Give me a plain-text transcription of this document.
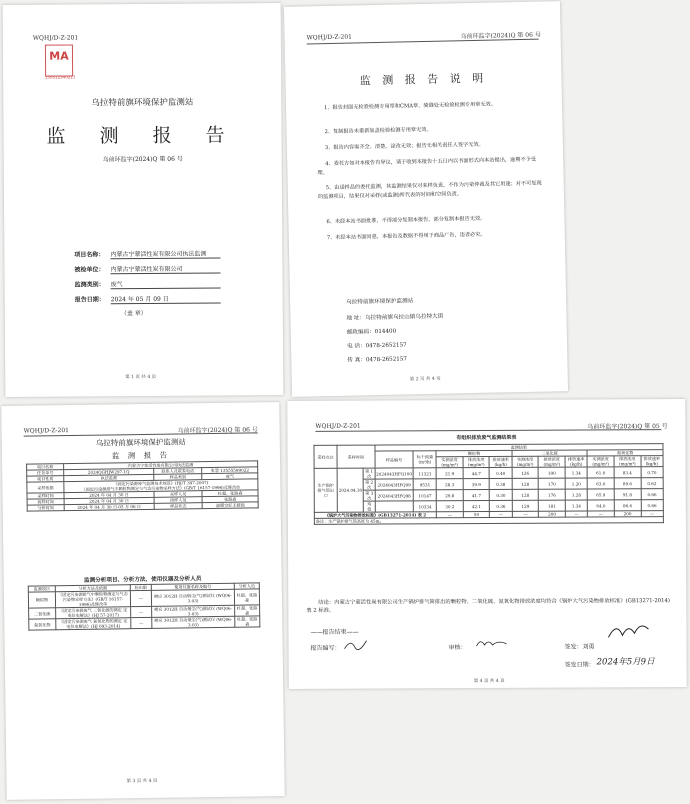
WQHJ/D-Z-201
MA
150512340213
乌拉特前旗环境保护监测站
监 测 报 告
乌前环监字(2024)Q 第 06 号
项目名称： 内蒙古宁蒙活性炭有限公司执法监测
被检单位： 内蒙古宁蒙活性炭有限公司
监测类别： 废气
报告日期： 2024 年 05 月 09 日
（盖 章）
第 1 页 共 4 页
WQHJ/D-Z-201	乌前环监字(2024)Q 第 06 号
监 测 报 告 说 明
1、报告封面无检验检测专用章和CMA章、骑缝处无检验检测专用章无效。
2、复制报告未重新加盖检验检测专用章无效。
3、报告内容需齐全、清楚，涂改无效；报告无相关责任人签字无效。
4、委托方如对本报告有异议，请于收到本报告十五日内以书面形式向本站提出，逾期不予受理。
5、由送样品的委托监测，其监测结果仅对来样负责，不作为污染仲裁及其它用途；对不可复现的监测项目，结果仅对采样(或监测)所代表的时间和空间负责。
6、未经本站书面批准，不得部分复制本报告，部分复制本报告无效。
7、未经本站书面同意，本报告及数据不得用于商品广告，违者必究。
乌拉特前旗环境保护监测站
地 址：乌拉特前旗乌拉山镇乌拉特大街
邮政编码：014400
电 话：0478-2652157
传 真：0478-2652157
第 2 页 共 4 页
WQHJ/D-Z-201	乌前环监字(2024)Q 第 06 号
乌拉特前旗环境保护监测站
监 测 报 告
项目名称	内蒙古宁蒙活性炭有限公司执法监测		
任务单号	2024QGHJW297-1Q	联系人及联系电话	张慧 13555599022
项目性质	执法监测	样品类别	废气
采样依据	《固定污染源废气监测技术规范》(HJ/T 397-2007)
《固定污染源排气中颗粒物测定与气态污染物采样方法》(GB/T 16157-1996)及修改单		

采样时间	2024 年 04 月 30 日	采样人员	杜超、张路森
接样时间	2024 年 04 月 30 日	接样人员	张路森
分析时间	2024 年 04 月 30 日-05 月 06 日	样品状态	滤膜完好无破损
监测分析项目、分析方法、使用仪器及分析人员
监测项目	分析方法及依据	检出限	使用仪器名称及编号	分析人员
颗粒物	《固定污染源排气中颗粒物测定与气态污染物采样方法》(GB/T 16157-1996)及修改单	—	崂应 3012H 自动烟尘(气)测试仪 (WQ06-3-03)	杜超、张路森
二氧化硫	《固定污染源废气 二氧化硫的测定 定电位电解法》(HJ 57-2017)	—	崂应 3012H 自动烟尘(气)测试仪 (WQ06-3-03)	杜超、张路森
氮氧化物	《固定污染源废气 氮氧化物的测定 定电位电解法》(HJ 693-2014)	—	崂应 3012H 自动烟尘(气)测试仪 (WQ06-3-03)	杜超、张路森
第 3 页 共 4 页
WQHJ/D-Z-201	乌前环监字(2024)Q 第 05 号
有组织排放废气监测结果表
采样点位	采样时间		监测结果										
			样品编号	标干流量(m³/h)	颗粒物			二氧化硫			氮氧化物		
					实测浓度(mg/m³)	排放浓度(mg/m³)	排放速率(kg/h)	实测浓度(mg/m³)	排放浓度(mg/m³)	排放速率(kg/h)	实测浓度(mg/m³)	排放浓度(mg/m³)	排放速率(kg/h)
生产锅炉排气筒出口	2024.04.30	第 1 次	2024043HFQ100	11321	21.9	44.7	0.40	126	190	1.34	61.0	83.4	0.70
		第 2 次	2024043HFQ99	9531	28.3	39.9	0.38	128	170	1.20	63.0	89.6	0.62
		第 3 次	2024043HFQ98	10147	29.8	41.7	0.30	128	176	1.28	65.9	91.8	0.66
		均值		10334	30.2	42.1	0.36	129	181	1.34	64.0	86.6	0.66
《锅炉大气污染物排放标准》(GB13271-2014) 表 2					—	50	—	—	200	—	—	200	—
备注：生产锅炉排气筒高度为 45m。													
结论：内蒙古宁蒙活性炭有限公司生产锅炉排气筒排出的颗粒物、二氧化硫、氮氧化物排放浓度均符合《锅炉大气污染物排放标准》(GB13271-2014) 表 2 标准。
——报告结束——
报告编写：	审核：	签发：刘勇
签发日期： 2024年5月9日
第 4 页 共 4 页
